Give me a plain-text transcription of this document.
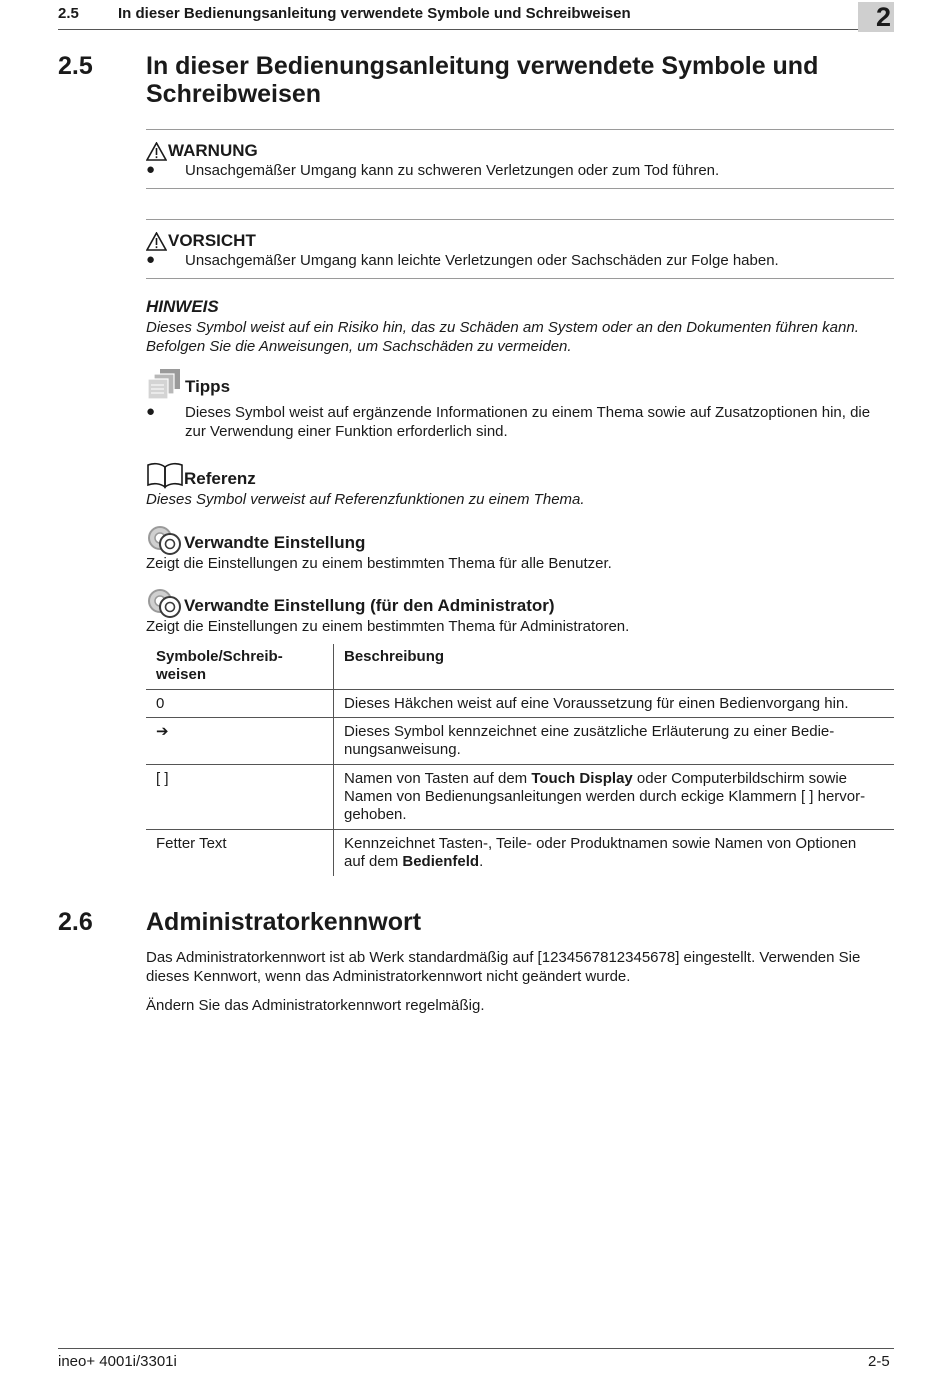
2.5	In dieser Bedienungsanleitung verwendete Symbole und Schreibweisen	2
2.5 In dieser Bedienungsanleitung verwendete Symbole und
Schreibweisen
WARNUNG
● Unsachgemäßer Umgang kann zu schweren Verletzungen oder zum Tod führen.
VORSICHT
● Unsachgemäßer Umgang kann leichte Verletzungen oder Sachschäden zur Folge haben.
HINWEIS
Dieses Symbol weist auf ein Risiko hin, das zu Schäden am System oder an den Dokumenten führen kann.
Befolgen Sie die Anweisungen, um Sachschäden zu vermeiden.
Tipps
● Dieses Symbol weist auf ergänzende Informationen zu einem Thema sowie auf Zusatzoptionen hin, die
zur Verwendung einer Funktion erforderlich sind.
Referenz
Dieses Symbol verweist auf Referenzfunktionen zu einem Thema.
Verwandte Einstellung
Zeigt die Einstellungen zu einem bestimmten Thema für alle Benutzer.
Verwandte Einstellung (für den Administrator)
Zeigt die Einstellungen zu einem bestimmten Thema für Administratoren.
Symbole/Schreib-
weisen	Beschreibung
0	Dieses Häkchen weist auf eine Voraussetzung für einen Bedienvorgang hin.
➔	Dieses Symbol kennzeichnet eine zusätzliche Erläuterung zu einer Bedie-
nungsanweisung.

[ ]	Namen von Tasten auf dem Touch Display oder Computerbildschirm sowie
Namen von Bedienungsanleitungen werden durch eckige Klammern [ ] hervor-
gehoben.

Fetter Text	Kennzeichnet Tasten-, Teile- oder Produktnamen sowie Namen von Optionen
auf dem Bedienfeld.
2.6 Administratorkennwort
Das Administratorkennwort ist ab Werk standardmäßig auf [1234567812345678] eingestellt. Verwenden Sie
dieses Kennwort, wenn das Administratorkennwort nicht geändert wurde.
Ändern Sie das Administratorkennwort regelmäßig.
ineo+ 4001i/3301i	2-5
